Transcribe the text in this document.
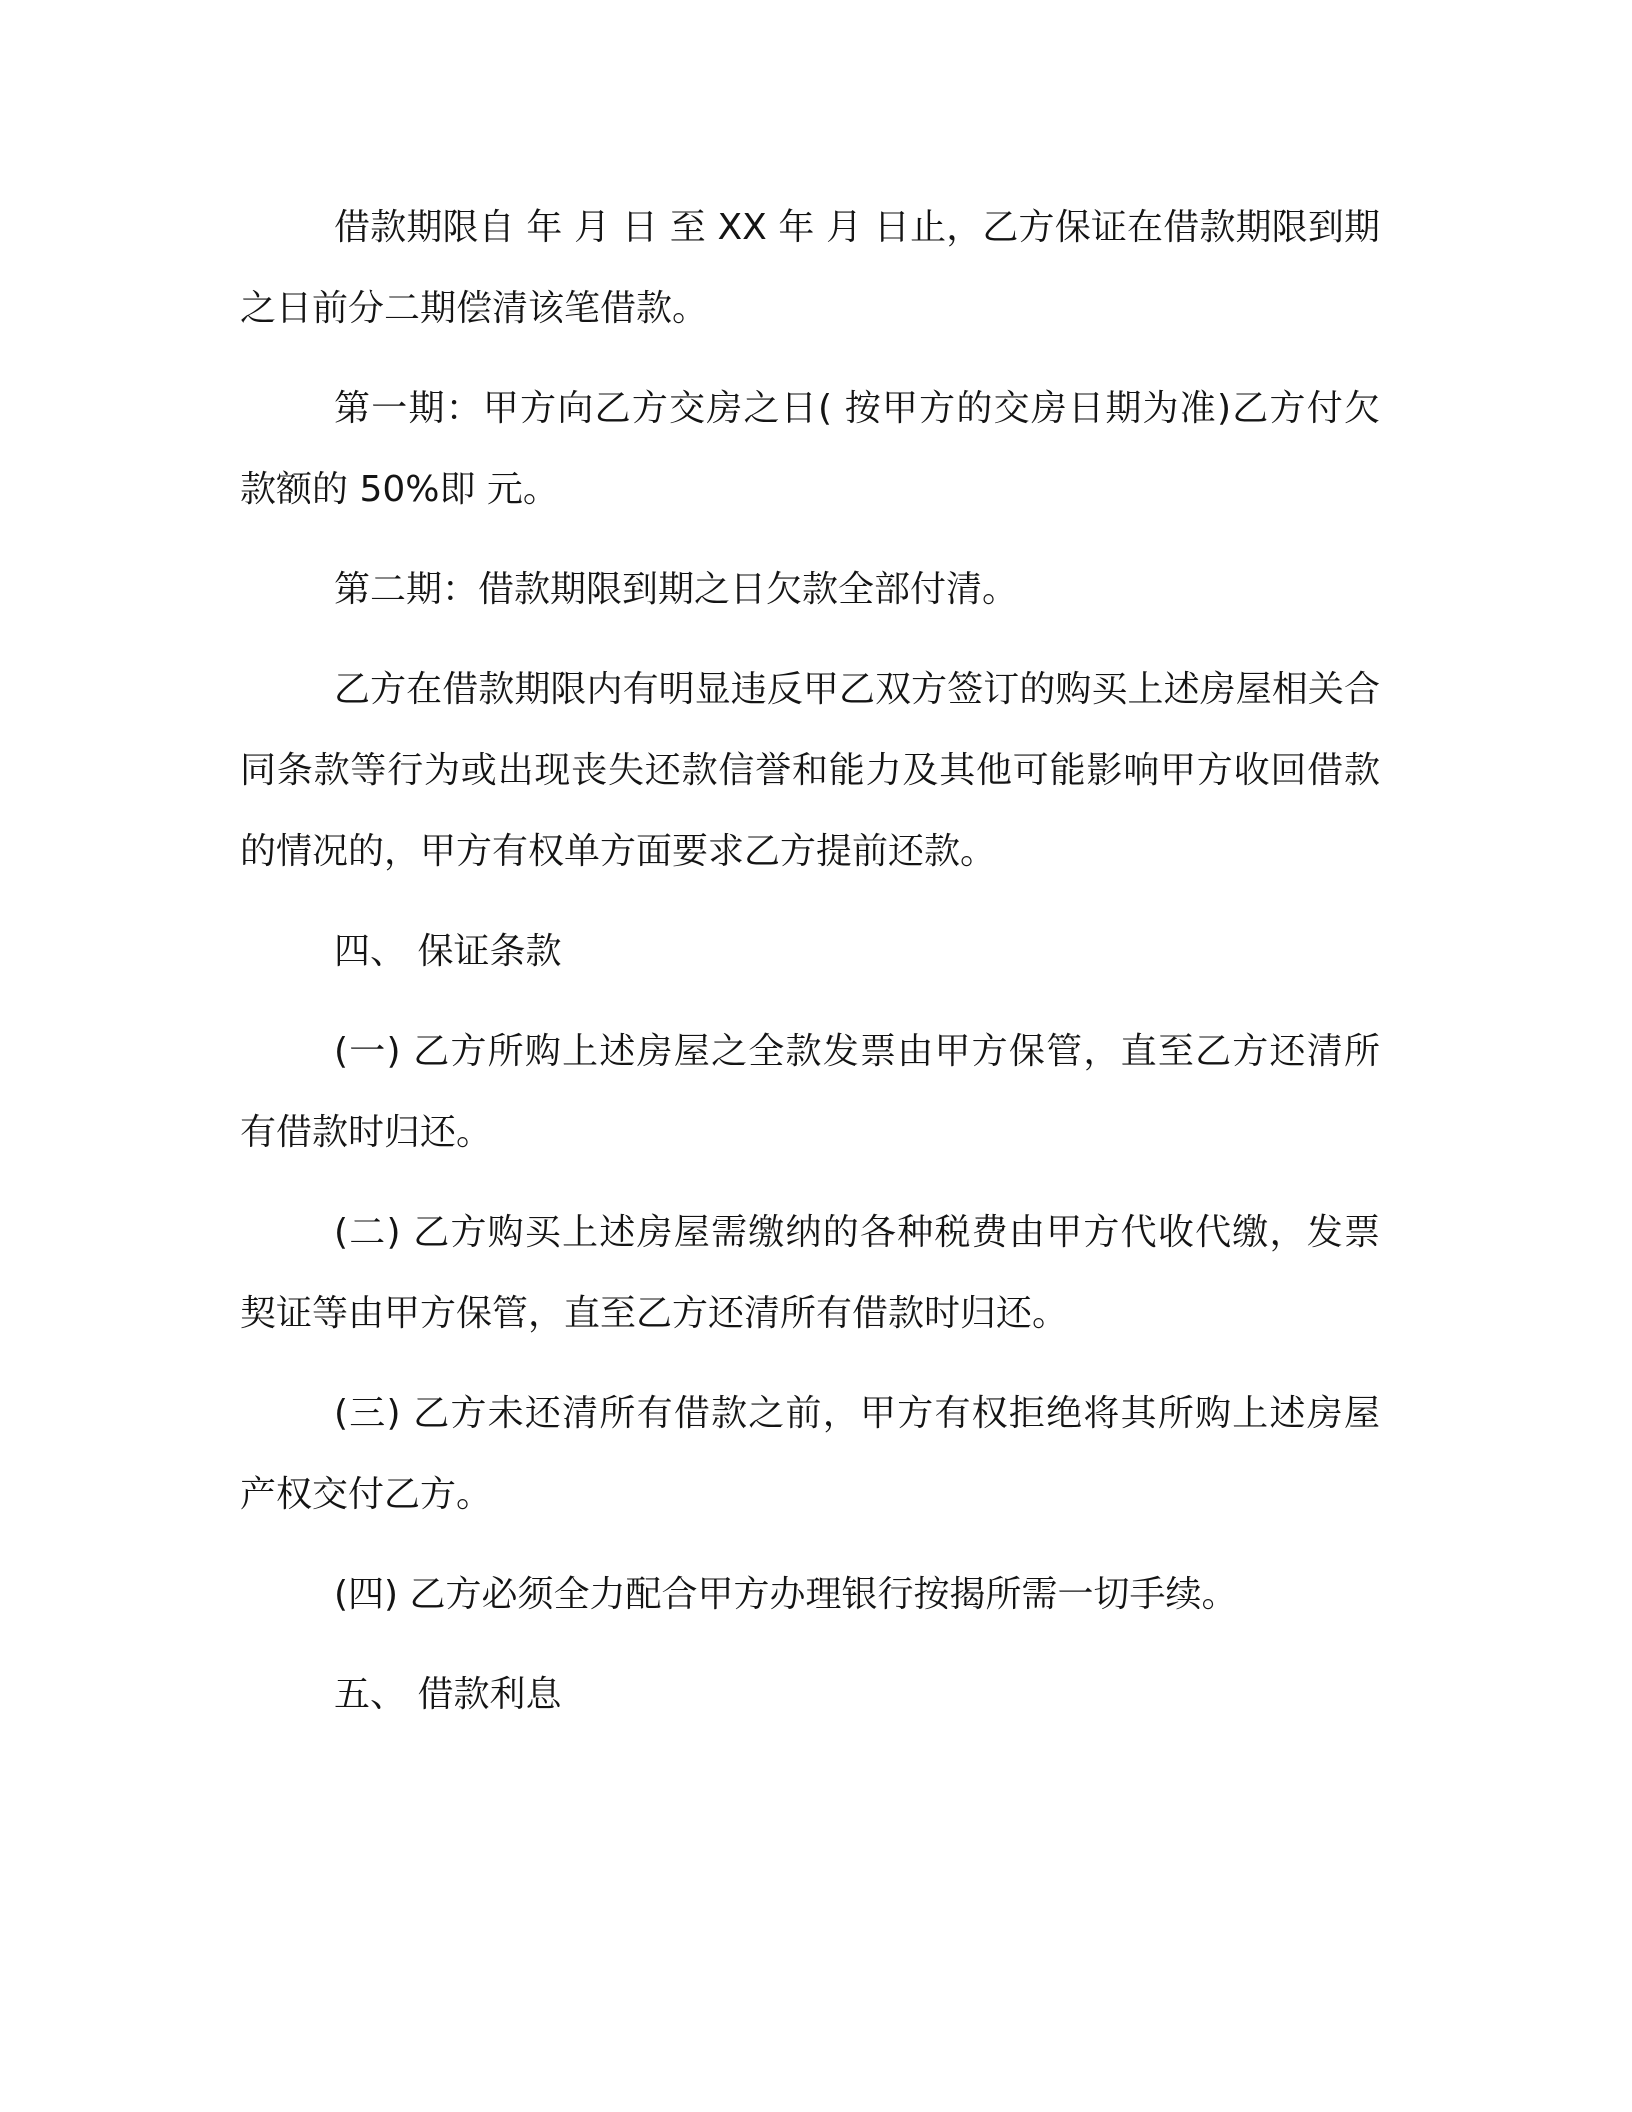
借款期限自 年 月 日 至 XX 年 月 日止，乙方保证在借款期限到期之日前分二期偿清该笔借款。

第一期：甲方向乙方交房之日( 按甲方的交房日期为准)乙方付欠款额的 50%即 元。

第二期：借款期限到期之日欠款全部付清。

乙方在借款期限内有明显违反甲乙双方签订的购买上述房屋相关合同条款等行为或出现丧失还款信誉和能力及其他可能影响甲方收回借款的情况的，甲方有权单方面要求乙方提前还款。

四、 保证条款

(一) 乙方所购上述房屋之全款发票由甲方保管，直至乙方还清所有借款时归还。

(二) 乙方购买上述房屋需缴纳的各种税费由甲方代收代缴，发票契证等由甲方保管，直至乙方还清所有借款时归还。

(三) 乙方未还清所有借款之前，甲方有权拒绝将其所购上述房屋产权交付乙方。

(四) 乙方必须全力配合甲方办理银行按揭所需一切手续。

五、 借款利息
